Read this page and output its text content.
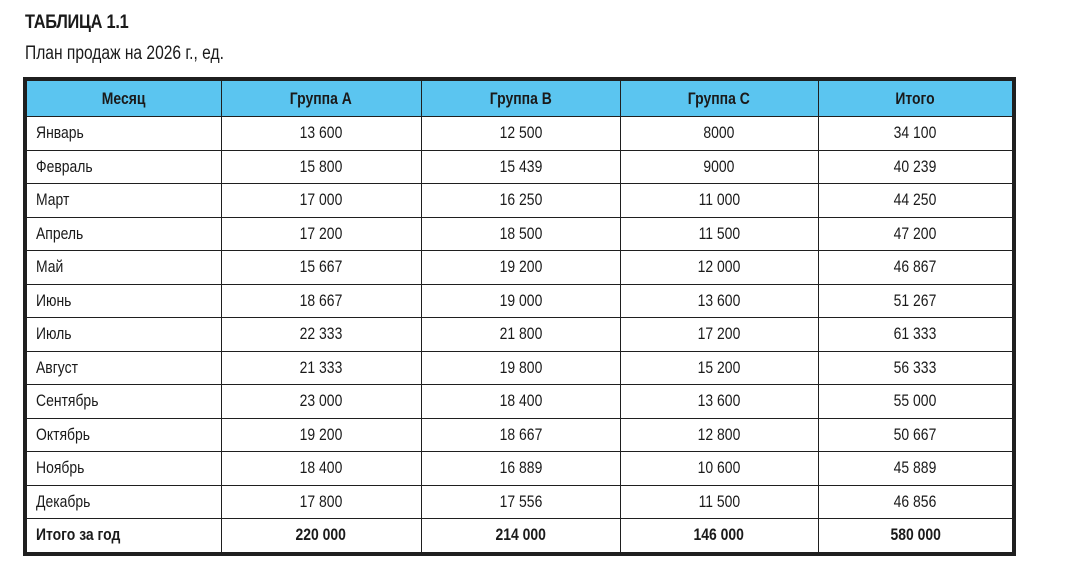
ТАБЛИЦА 1.1
План продаж на 2026 г., ед.
Месяц	Группа A	Группа B	Группа C	Итого
Январь	13 600	12 500	8000	34 100
Февраль	15 800	15 439	9000	40 239
Март	17 000	16 250	11 000	44 250
Апрель	17 200	18 500	11 500	47 200
Май	15 667	19 200	12 000	46 867
Июнь	18 667	19 000	13 600	51 267
Июль	22 333	21 800	17 200	61 333
Август	21 333	19 800	15 200	56 333
Сентябрь	23 000	18 400	13 600	55 000
Октябрь	19 200	18 667	12 800	50 667
Ноябрь	18 400	16 889	10 600	45 889
Декабрь	17 800	17 556	11 500	46 856
Итого за год	220 000	214 000	146 000	580 000
